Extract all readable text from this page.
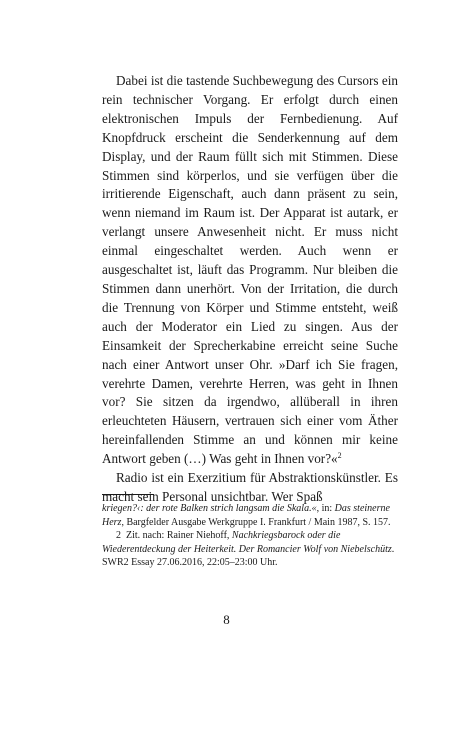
Dabei ist die tastende Suchbewegung des Cursors ein rein technischer Vorgang. Er erfolgt durch einen elektronischen Impuls der Fernbedienung. Auf Knopfdruck erscheint die Senderkennung auf dem Display, und der Raum füllt sich mit Stimmen. Diese Stimmen sind körperlos, und sie verfügen über die irritierende Eigenschaft, auch dann präsent zu sein, wenn niemand im Raum ist. Der Apparat ist autark, er verlangt unsere Anwesenheit nicht. Er muss nicht einmal eingeschaltet werden. Auch wenn er ausgeschaltet ist, läuft das Programm. Nur bleiben die Stimmen dann unerhört. Von der Irritation, die durch die Trennung von Körper und Stimme entsteht, weiß auch der Moderator ein Lied zu singen. Aus der Einsamkeit der Sprecherkabine erreicht seine Suche nach einer Antwort unser Ohr. »Darf ich Sie fragen, verehrte Damen, verehrte Herren, was geht in Ihnen vor? Sie sitzen da irgendwo, allüberall in ihren erleuchteten Häusern, vertrauen sich einer vom Äther hereinfallenden Stimme an und können mir keine Antwort geben (…) Was geht in Ihnen vor?«$^2$

Radio ist ein Exerzitium für Abstraktionskünstler. Es macht sein Personal unsichtbar. Wer Spaß

kriegen?‹: der rote Balken strich langsam die Skala.«, in: Das steinerne Herz, Bargfelder Ausgabe Werkgruppe I. Frankfurt / Main 1987, S. 157.

2 Zit. nach: Rainer Niehoff, Nachkriegsbarock oder die Wiederentdeckung der Heiterkeit. Der Romancier Wolf von Niebelschütz. SWR2 Essay 27.06.2016, 22:05–23:00 Uhr.

8
